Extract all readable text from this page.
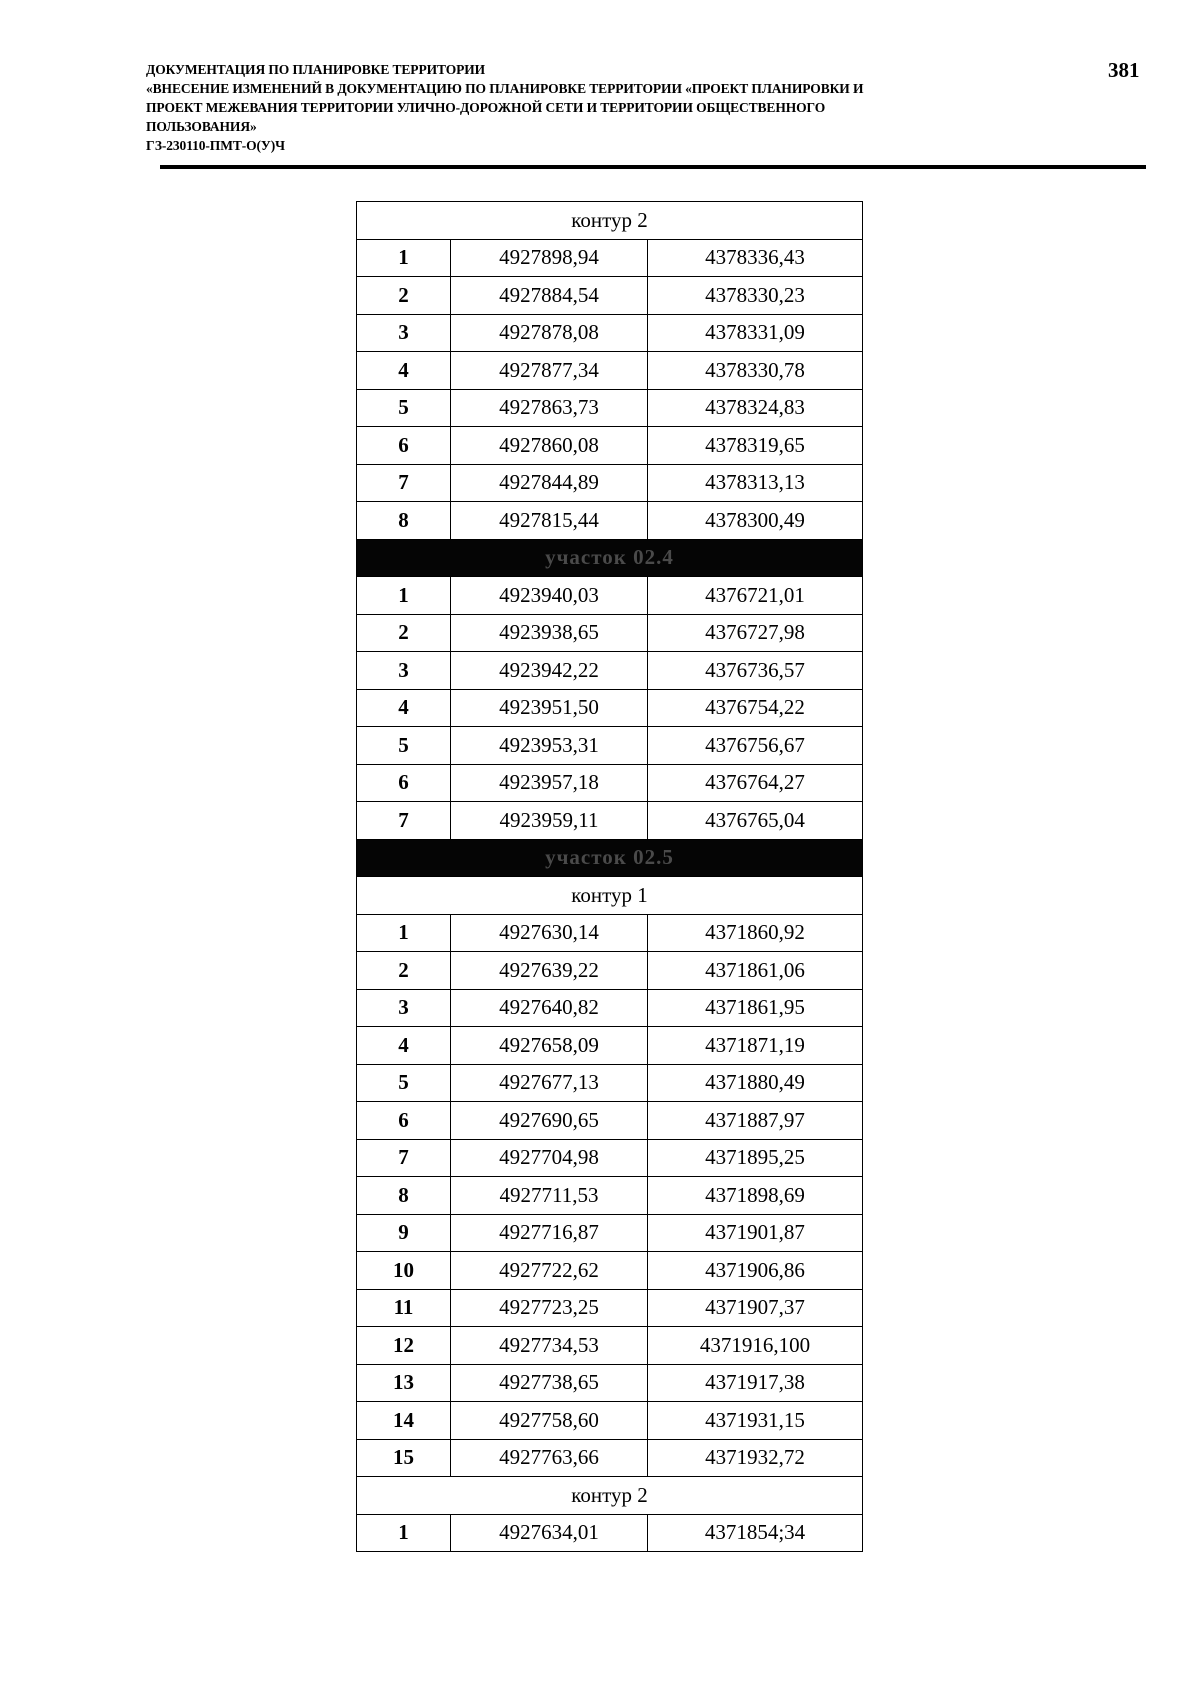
ДОКУМЕНТАЦИЯ ПО ПЛАНИРОВКЕ ТЕРРИТОРИИ
«ВНЕСЕНИЕ ИЗМЕНЕНИЙ В ДОКУМЕНТАЦИЮ ПО ПЛАНИРОВКЕ ТЕРРИТОРИИ «ПРОЕКТ ПЛАНИРОВКИ И
ПРОЕКТ МЕЖЕВАНИЯ ТЕРРИТОРИИ УЛИЧНО-ДОРОЖНОЙ СЕТИ И ТЕРРИТОРИИ ОБЩЕСТВЕННОГО
ПОЛЬЗОВАНИЯ»
ГЗ-230110-ПМТ-О(У)Ч
381
контур 2		
1	4927898,94	4378336,43
2	4927884,54	4378330,23
3	4927878,08	4378331,09
4	4927877,34	4378330,78
5	4927863,73	4378324,83
6	4927860,08	4378319,65
7	4927844,89	4378313,13
8	4927815,44	4378300,49
участок 02.4		
1	4923940,03	4376721,01
2	4923938,65	4376727,98
3	4923942,22	4376736,57
4	4923951,50	4376754,22
5	4923953,31	4376756,67
6	4923957,18	4376764,27
7	4923959,11	4376765,04
участок 02.5		
контур 1		
1	4927630,14	4371860,92
2	4927639,22	4371861,06
3	4927640,82	4371861,95
4	4927658,09	4371871,19
5	4927677,13	4371880,49
6	4927690,65	4371887,97
7	4927704,98	4371895,25
8	4927711,53	4371898,69
9	4927716,87	4371901,87
10	4927722,62	4371906,86
11	4927723,25	4371907,37
12	4927734,53	4371916,100
13	4927738,65	4371917,38
14	4927758,60	4371931,15
15	4927763,66	4371932,72
контур 2		
1	4927634,01	4371854;34
